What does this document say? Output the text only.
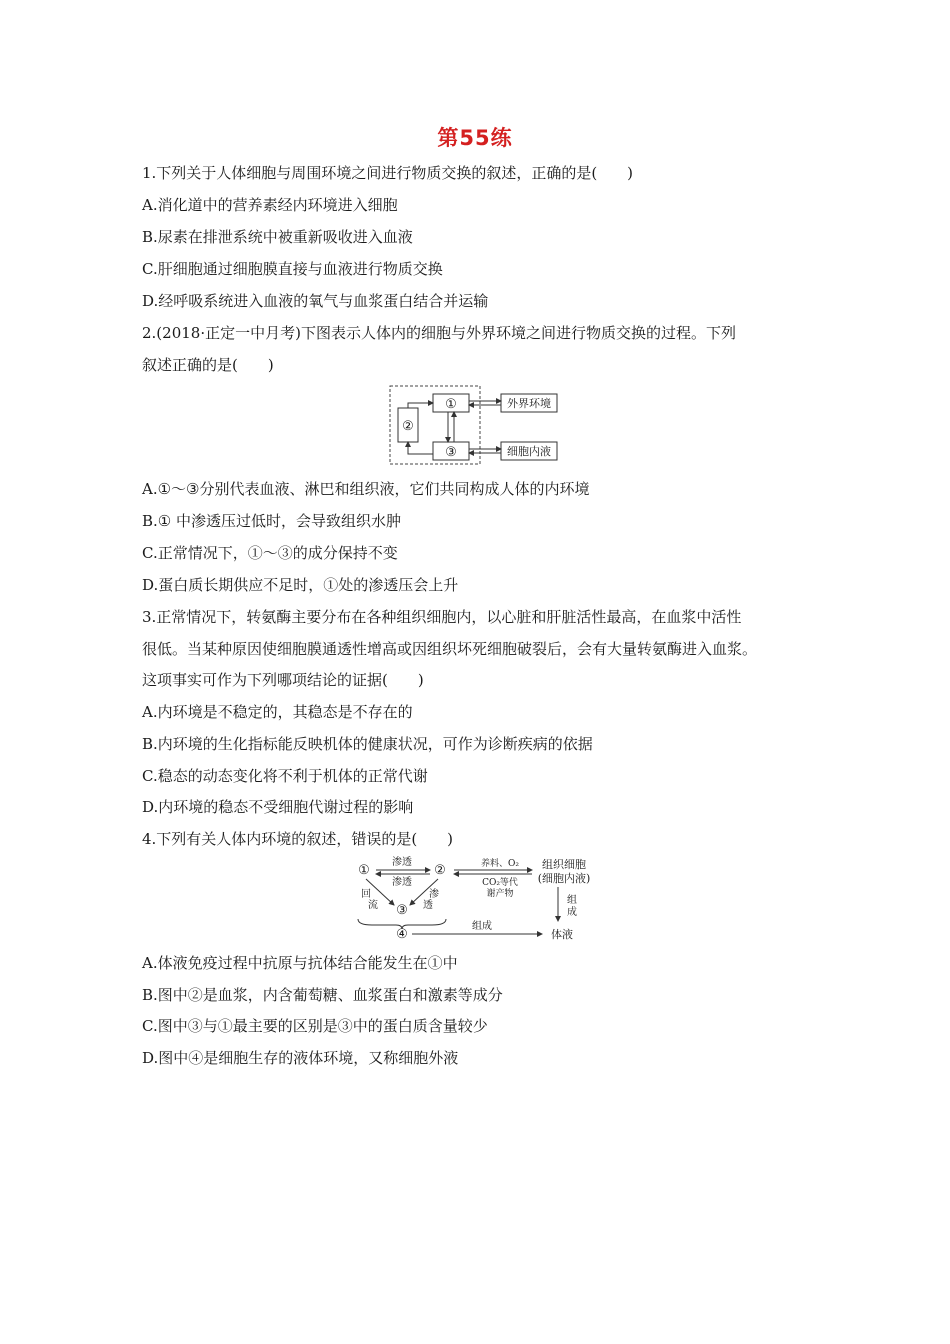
第55练
1.下列关于人体细胞与周围环境之间进行物质交换的叙述，正确的是(　　)
A.消化道中的营养素经内环境进入细胞
B.尿素在排泄系统中被重新吸收进入血液
C.肝细胞通过细胞膜直接与血液进行物质交换
D.经呼吸系统进入血液的氧气与血浆蛋白结合并运输
2.(2018·正定一中月考)下图表示人体内的细胞与外界环境之间进行物质交换的过程。下列
叙述正确的是(　　)
①
③
②
外界环境
细胞内液
A.①～③分别代表血液、淋巴和组织液，它们共同构成人体的内环境
B.① 中渗透压过低时，会导致组织水肿
C.正常情况下，①～③的成分保持不变
D.蛋白质长期供应不足时，①处的渗透压会上升
3.正常情况下，转氨酶主要分布在各种组织细胞内，以心脏和肝脏活性最高，在血浆中活性
很低。当某种原因使细胞膜通透性增高或因组织坏死细胞破裂后，会有大量转氨酶进入血浆。
这项事实可作为下列哪项结论的证据(　　)
A.内环境是不稳定的，其稳态是不存在的
B.内环境的生化指标能反映机体的健康状况，可作为诊断疾病的依据
C.稳态的动态变化将不利于机体的正常代谢
D.内环境的稳态不受细胞代谢过程的影响
4.下列有关人体内环境的叙述，错误的是(　　)
①	②
③
④
渗透
渗透
回
流
渗
透
养料、O₂
CO₂等代
谢产物
组织细胞
(细胞内液)
组
成
组成
体液
A.体液免疫过程中抗原与抗体结合能发生在①中
B.图中②是血浆，内含葡萄糖、血浆蛋白和激素等成分
C.图中③与①最主要的区别是③中的蛋白质含量较少
D.图中④是细胞生存的液体环境，又称细胞外液
